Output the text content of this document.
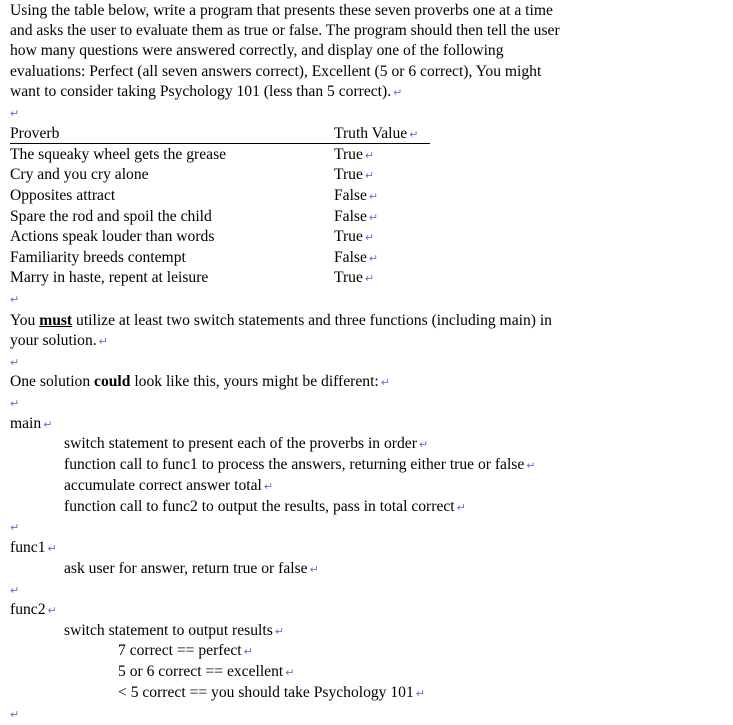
Using the table below, write a program that presents these seven proverbs one at a time
and asks the user to evaluate them as true or false. The program should then tell the user
how many questions were answered correctly, and display one of the following
evaluations: Perfect (all seven answers correct), Excellent (5 or 6 correct), You might
want to consider taking Psychology 101 (less than 5 correct). ↵
↵
Proverb	Truth Value ↵
The squeaky wheel gets the grease	True ↵
Cry and you cry alone	True ↵
Opposites attract	False ↵
Spare the rod and spoil the child	False ↵
Actions speak louder than words	True ↵
Familiarity breeds contempt	False ↵
Marry in haste, repent at leisure	True ↵
↵
You must utilize at least two switch statements and three functions (including main) in
your solution. ↵
↵
One solution could look like this, yours might be different: ↵
↵
main ↵
switch statement to present each of the proverbs in order ↵
function call to func1 to process the answers, returning either true or false ↵
accumulate correct answer total ↵
function call to func2 to output the results, pass in total correct ↵
↵
func1 ↵
ask user for answer, return true or false ↵
↵
func2 ↵
switch statement to output results ↵
7 correct == perfect ↵
5 or 6 correct == excellent ↵
< 5 correct == you should take Psychology 101 ↵
↵
